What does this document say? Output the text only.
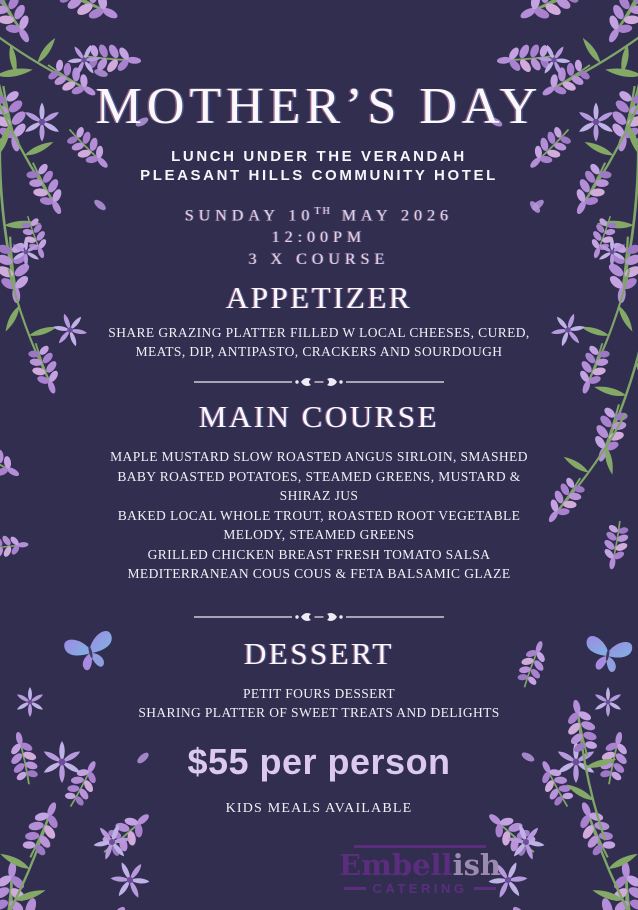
MOTHER’S DAY
LUNCH UNDER THE VERANDAH
PLEASANT HILLS COMMUNITY HOTEL
SUNDAY 10TH MAY 2026
12:00PM
3 X COURSE
APPETIZER
SHARE GRAZING PLATTER FILLED W LOCAL CHEESES, CURED,
MEATS, DIP, ANTIPASTO, CRACKERS AND SOURDOUGH
MAIN COURSE
MAPLE MUSTARD SLOW ROASTED ANGUS SIRLOIN, SMASHED
BABY ROASTED POTATOES, STEAMED GREENS, MUSTARD &
SHIRAZ JUS
BAKED LOCAL WHOLE TROUT, ROASTED ROOT VEGETABLE
MELODY, STEAMED GREENS
GRILLED CHICKEN BREAST FRESH TOMATO SALSA
MEDITERRANEAN COUS COUS & FETA BALSAMIC GLAZE
DESSERT
PETIT FOURS DESSERT
SHARING PLATTER OF SWEET TREATS AND DELIGHTS
$55 per person
KIDS MEALS AVAILABLE
Embellish
CATERING
